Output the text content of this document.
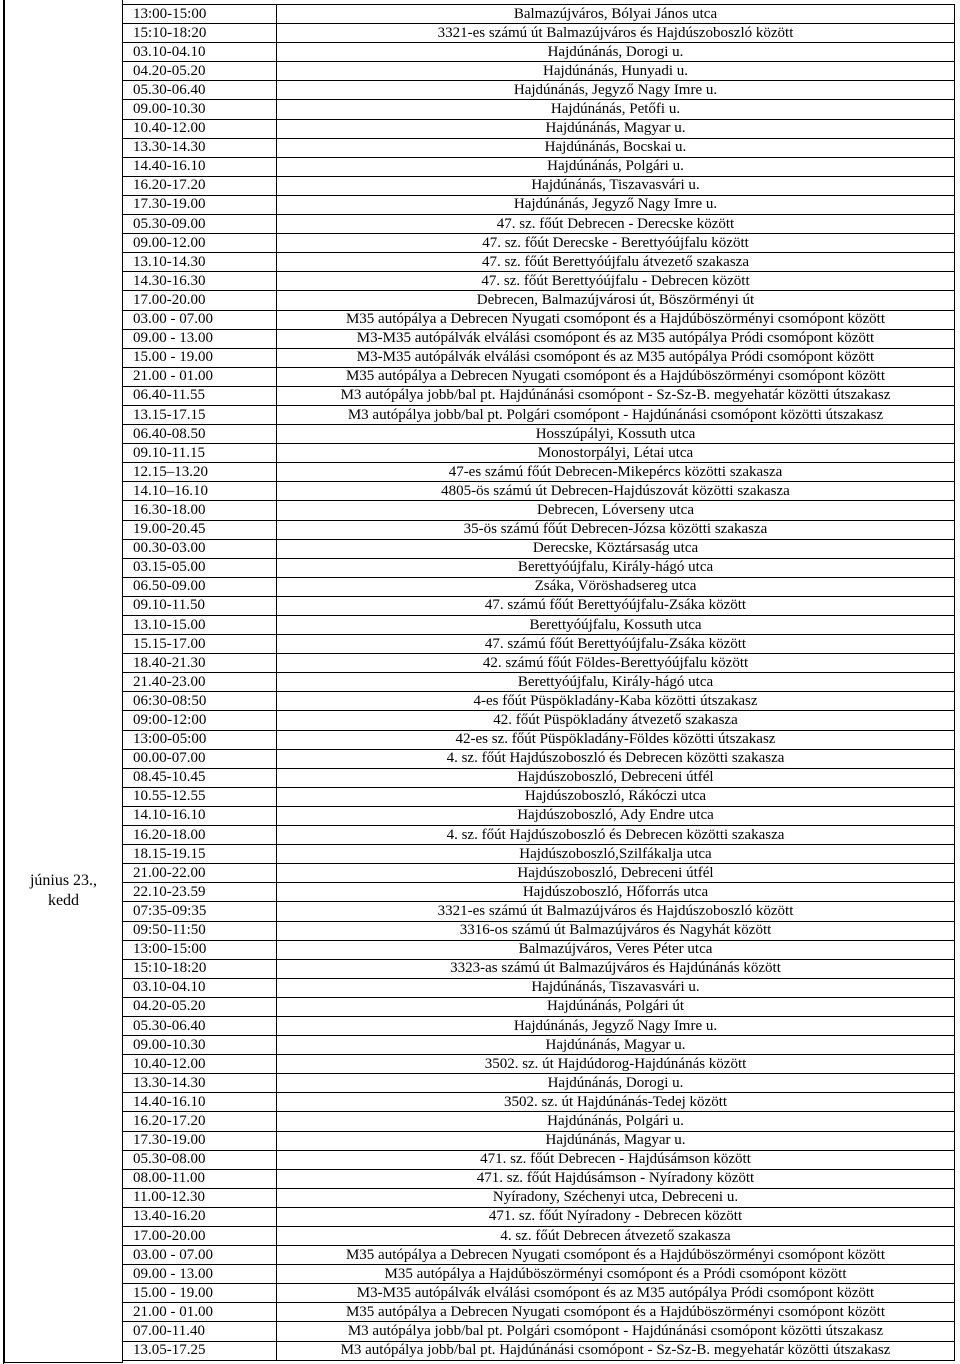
június 23.,
kedd
13:00-15:00	Balmazújváros, Bólyai János utca
15:10-18:20	3321-es számú út Balmazújváros és Hajdúszoboszló között
03.10-04.10	Hajdúnánás, Dorogi u.
04.20-05.20	Hajdúnánás, Hunyadi u.
05.30-06.40	Hajdúnánás, Jegyző Nagy Imre u.
09.00-10.30	Hajdúnánás, Petőfi u.
10.40-12.00	Hajdúnánás, Magyar u.
13.30-14.30	Hajdúnánás, Bocskai u.
14.40-16.10	Hajdúnánás, Polgári u.
16.20-17.20	Hajdúnánás, Tiszavasvári u.
17.30-19.00	Hajdúnánás, Jegyző Nagy Imre u.
05.30-09.00	47. sz. főút Debrecen - Derecske között
09.00-12.00	47. sz. főút Derecske - Berettyóújfalu között
13.10-14.30	47. sz. főút Berettyóújfalu átvezető szakasza
14.30-16.30	47. sz. főút Berettyóújfalu - Debrecen között
17.00-20.00	Debrecen, Balmazújvárosi út, Böszörményi út
03.00 - 07.00	M35 autópálya a Debrecen Nyugati csomópont és a Hajdúböszörményi csomópont között
09.00 - 13.00	M3-M35 autópálvák elválási csomópont és az M35 autópálya Pródi csomópont között
15.00 - 19.00	M3-M35 autópálvák elválási csomópont és az M35 autópálya Pródi csomópont között
21.00 - 01.00	M35 autópálya a Debrecen Nyugati csomópont és a Hajdúböszörményi csomópont között
06.40-11.55	M3 autópálya jobb/bal pt. Hajdúnánási csomópont - Sz-Sz-B. megyehatár közötti útszakasz
13.15-17.15	M3 autópálya jobb/bal pt. Polgári csomópont - Hajdúnánási csomópont közötti útszakasz
06.40-08.50	Hosszúpályi, Kossuth utca
09.10-11.15	Monostorpályi, Létai utca
12.15–13.20	47-es számú főút Debrecen-Mikepércs közötti szakasza
14.10–16.10	4805-ös számú út Debrecen-Hajdúszovát közötti szakasza
16.30-18.00	Debrecen, Lóverseny utca
19.00-20.45	35-ös számú főút Debrecen-Józsa közötti szakasza
00.30-03.00	Derecske, Köztársaság utca
03.15-05.00	Berettyóújfalu, Király-hágó utca
06.50-09.00	Zsáka, Vöröshadsereg utca
09.10-11.50	47. számú főút Berettyóújfalu-Zsáka között
13.10-15.00	Berettyóújfalu, Kossuth utca
15.15-17.00	47. számú főút Berettyóújfalu-Zsáka között
18.40-21.30	42. számú főút Földes-Berettyóújfalu között
21.40-23.00	Berettyóújfalu, Király-hágó utca
06:30-08:50	4-es főút Püspökladány-Kaba közötti útszakasz
09:00-12:00	42. főút Püspökladány átvezető szakasza
13:00-05:00	42-es sz. főút Püspökladány-Földes közötti útszakasz
00.00-07.00	4. sz. főút Hajdúszoboszló és Debrecen közötti szakasza
08.45-10.45	Hajdúszoboszló, Debreceni útfél
10.55-12.55	Hajdúszoboszló, Rákóczi utca
14.10-16.10	Hajdúszoboszló, Ady Endre utca
16.20-18.00	4. sz. főút Hajdúszoboszló és Debrecen közötti szakasza
18.15-19.15	Hajdúszoboszló,Szilfákalja utca
21.00-22.00	Hajdúszoboszló, Debreceni útfél
22.10-23.59	Hajdúszoboszló, Hőforrás utca
07:35-09:35	3321-es számú út Balmazújváros és Hajdúszoboszló között
09:50-11:50	3316-os számú út Balmazújváros és Nagyhát között
13:00-15:00	Balmazújváros, Veres Péter utca
15:10-18:20	3323-as számú út Balmazújváros és Hajdúnánás között
03.10-04.10	Hajdúnánás, Tiszavasvári u.
04.20-05.20	Hajdúnánás, Polgári út
05.30-06.40	Hajdúnánás, Jegyző Nagy Imre u.
09.00-10.30	Hajdúnánás, Magyar u.
10.40-12.00	3502. sz. út Hajdúdorog-Hajdúnánás között
13.30-14.30	Hajdúnánás, Dorogi u.
14.40-16.10	3502. sz. út Hajdúnánás-Tedej között
16.20-17.20	Hajdúnánás, Polgári u.
17.30-19.00	Hajdúnánás, Magyar u.
05.30-08.00	471. sz. főút Debrecen - Hajdúsámson között
08.00-11.00	471. sz. főút Hajdúsámson - Nyíradony között
11.00-12.30	Nyíradony, Széchenyi utca, Debreceni u.
13.40-16.20	471. sz. főút Nyíradony - Debrecen között
17.00-20.00	4. sz. főút Debrecen átvezető szakasza
03.00 - 07.00	M35 autópálya a Debrecen Nyugati csomópont és a Hajdúböszörményi csomópont között
09.00 - 13.00	M35 autópálya a Hajdúböszörményi csomópont és a Pródi csomópont között
15.00 - 19.00	M3-M35 autópálvák elválási csomópont és az M35 autópálya Pródi csomópont között
21.00 - 01.00	M35 autópálya a Debrecen Nyugati csomópont és a Hajdúböszörményi csomópont között
07.00-11.40	M3 autópálya jobb/bal pt. Polgári csomópont - Hajdúnánási csomópont közötti útszakasz
13.05-17.25	M3 autópálya jobb/bal pt. Hajdúnánási csomópont - Sz-Sz-B. megyehatár közötti útszakasz
